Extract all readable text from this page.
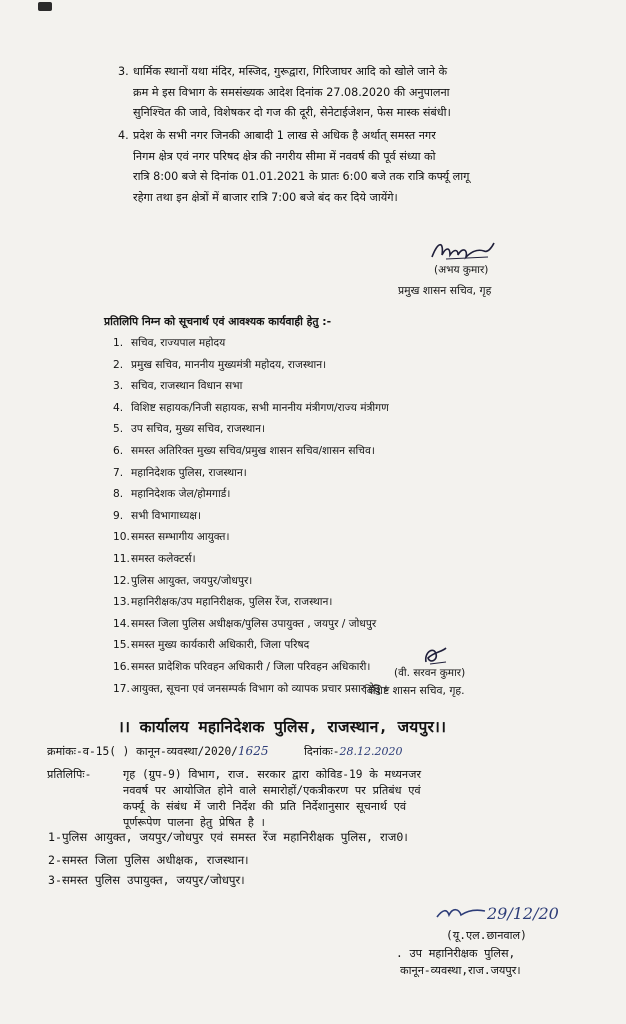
3. धार्मिक स्थानों यथा मंदिर, मस्जिद, गुरूद्वारा, गिरिजाघर आदि को खोले जाने के
क्रम मे इस विभाग के समसंख्यक आदेश दिनांक 27.08.2020 की अनुपालना
सुनिश्चित की जावे, विशेषकर दो गज की दूरी, सेनेटाईजेशन, फेस मास्क संबंधी।
4. प्रदेश के सभी नगर जिनकी आबादी 1 लाख से अधिक है अर्थात् समस्त नगर
निगम क्षेत्र एवं नगर परिषद क्षेत्र की नगरीय सीमा में नववर्ष की पूर्व संध्या को
रात्रि 8:00 बजे से दिनांक 01.01.2021 के प्रातः 6:00 बजे तक रात्रि कर्फ्यू लागू
रहेगा तथा इन क्षेत्रों में बाजार रात्रि 7:00 बजे बंद कर दिये जायेंगे।
(अभय कुमार)
प्रमुख शासन सचिव, गृह
प्रतिलिपि निम्न को सूचनार्थ एवं आवश्यक कार्यवाही हेतु :-
1. सचिव, राज्यपाल महोदय
2. प्रमुख सचिव, माननीय मुख्यमंत्री महोदय, राजस्थान।
3. सचिव, राजस्थान विधान सभा
4. विशिष्ट सहायक/निजी सहायक, सभी माननीय मंत्रीगण/राज्य मंत्रीगण
5. उप सचिव, मुख्य सचिव, राजस्थान।
6. समस्त अतिरिक्त मुख्य सचिव/प्रमुख शासन सचिव/शासन सचिव।
7. महानिदेशक पुलिस, राजस्थान।
8. महानिदेशक जेल/होमगार्ड।
9. सभी विभागाध्यक्ष।
10.समस्त सम्भागीय आयुक्त।
11.समस्त कलेक्टर्स।
12.पुलिस आयुक्त, जयपुर/जोधपुर।
13.महानिरीक्षक/उप महानिरीक्षक, पुलिस रेंज, राजस्थान।
14.समस्त जिला पुलिस अधीक्षक/पुलिस उपायुक्त , जयपुर / जोधपुर
15.समस्त मुख्य कार्यकारी अधिकारी, जिला परिषद
16.समस्त प्रादेशिक परिवहन अधिकारी / जिला परिवहन अधिकारी।
17.आयुक्त, सूचना एवं जनसम्पर्क विभाग को व्यापक प्रचार प्रसार हेतु ।
(वी. सरवन कुमार)
विशिष्ट शासन सचिव, गृह.
।। कार्यालय महानिदेशक पुलिस, राजस्थान, जयपुर।।
क्रमांकः-व-15( ) कानून-व्यवस्था/2020/1625	दिनांकः-28.12.2020
प्रतिलिपिः-	गृह (ग्रुप-9) विभाग, राज. सरकार द्वारा कोविड-19 के मध्यनजर
नववर्ष पर आयोजित होने वाले समारोहों/एकत्रीकरण पर प्रतिबंध एवं
कर्फ्यू के संबंध में जारी निर्देश की प्रति निर्देशानुसार सूचनार्थ एवं
पूर्णरूपेण पालना हेतु प्रेषित है ।
1-पुलिस आयुक्त, जयपुर/जोधपुर एवं समस्त रेंज महानिरीक्षक पुलिस, राज0।
2-समस्त जिला पुलिस अधीक्षक, राजस्थान।
3-समस्त पुलिस उपायुक्त, जयपुर/जोधपुर।
29/12/20
(यू.एल.छानवाल)
. उप महानिरीक्षक पुलिस,
कानून-व्यवस्था,राज.जयपुर।
